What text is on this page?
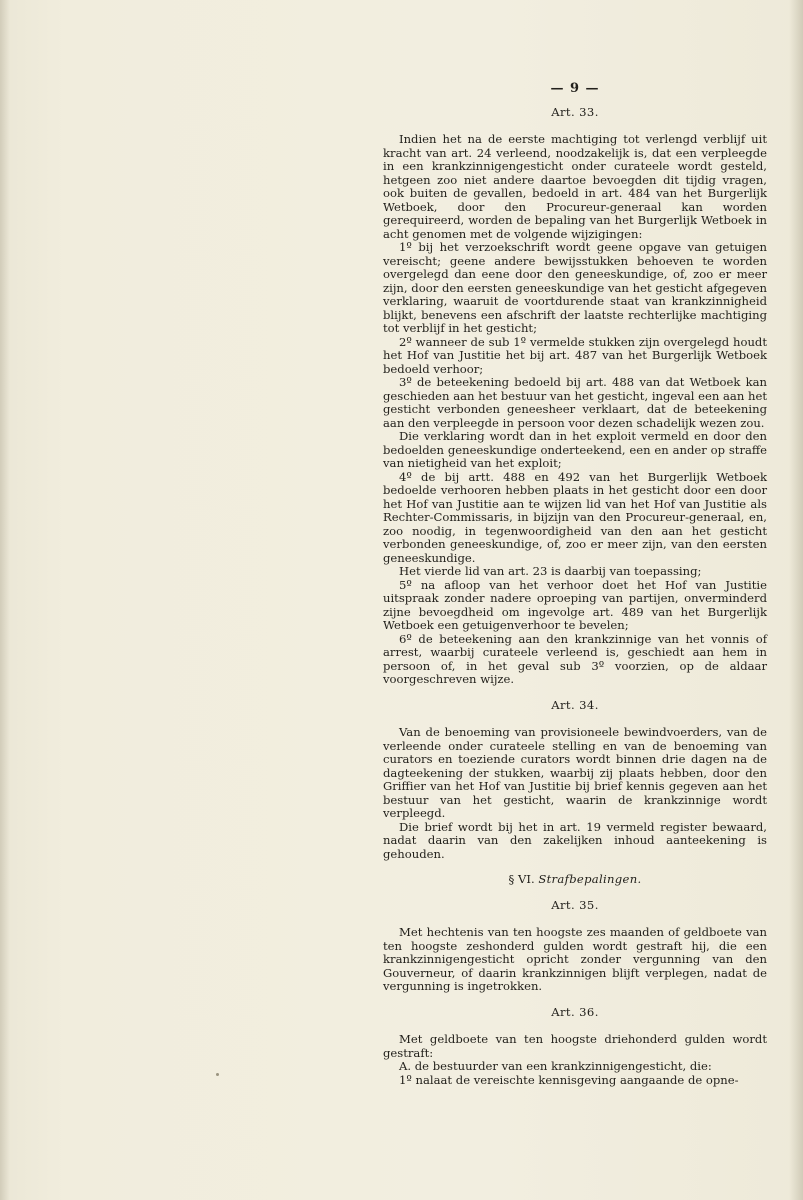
— 9 —
Art. 33.

Indien het na de eerste machtiging tot verlengd verblijf uit kracht van art. 24 verleend, noodzakelijk is, dat een verpleegde in een krankzinnigengesticht onder curateele wordt gesteld, hetgeen zoo niet andere daartoe bevoegden dit tijdig vragen, ook buiten de gevallen, bedoeld in art. 484 van het Burgerlijk Wetboek, door den Procureur-generaal kan worden gerequireerd, worden de bepaling van het Burgerlijk Wetboek in acht genomen met de volgende wijzigingen:

1º bij het verzoekschrift wordt geene opgave van getuigen vereischt; geene andere bewijsstukken behoeven te worden overgelegd dan eene door den geneeskundige, of, zoo er meer zijn, door den eersten geneeskundige van het gesticht afgegeven verklaring, waaruit de voortdurende staat van krankzinnigheid blijkt, benevens een afschrift der laatste rechterlijke machtiging tot verblijf in het gesticht;

2º wanneer de sub 1º vermelde stukken zijn overgelegd houdt het Hof van Justitie het bij art. 487 van het Burgerlijk Wetboek bedoeld verhoor;

3º de beteekening bedoeld bij art. 488 van dat Wetboek kan geschieden aan het bestuur van het gesticht, ingeval een aan het gesticht verbonden geneesheer verklaart, dat de beteekening aan den verpleegde in persoon voor dezen schadelijk wezen zou.

Die verklaring wordt dan in het exploit vermeld en door den bedoelden geneeskundige onderteekend, een en ander op straffe van nietigheid van het exploit;

4º de bij artt. 488 en 492 van het Burgerlijk Wetboek bedoelde verhooren hebben plaats in het gesticht door een door het Hof van Justitie aan te wijzen lid van het Hof van Justitie als Rechter-Commissaris, in bijzijn van den Procureur-generaal, en, zoo noodig, in tegenwoordigheid van den aan het gesticht verbonden geneeskundige, of, zoo er meer zijn, van den eersten geneeskundige.

Het vierde lid van art. 23 is daarbij van toepassing;

5º na afloop van het verhoor doet het Hof van Justitie uitspraak zonder nadere oproeping van partijen, onverminderd zijne bevoegdheid om ingevolge art. 489 van het Burgerlijk Wetboek een getuigenverhoor te bevelen;

6º de beteekening aan den krankzinnige van het vonnis of arrest, waarbij curateele verleend is, geschiedt aan hem in persoon of, in het geval sub 3º voorzien, op de aldaar voorgeschreven wijze.

Art. 34.

Van de benoeming van provisioneele bewindvoerders, van de verleende onder curateele stelling en van de benoeming van curators en toeziende curators wordt binnen drie dagen na de dagteekening der stukken, waarbij zij plaats hebben, door den Griffier van het Hof van Justitie bij brief kennis gegeven aan het bestuur van het gesticht, waarin de krankzinnige wordt verpleegd.

Die brief wordt bij het in art. 19 vermeld register bewaard, nadat daarin van den zakelijken inhoud aanteekening is gehouden.

§ VI. Strafbepalingen.
Art. 35.

Met hechtenis van ten hoogste zes maanden of geldboete van ten hoogste zeshonderd gulden wordt gestraft hij, die een krankzinnigengesticht opricht zonder vergunning van den Gouverneur, of daarin krankzinnigen blijft verplegen, nadat de vergunning is ingetrokken.

Art. 36.

Met geldboete van ten hoogste driehonderd gulden wordt gestraft:

A. de bestuurder van een krankzinnigengesticht, die:

1º nalaat de vereischte kennisgeving aangaande de opne-
